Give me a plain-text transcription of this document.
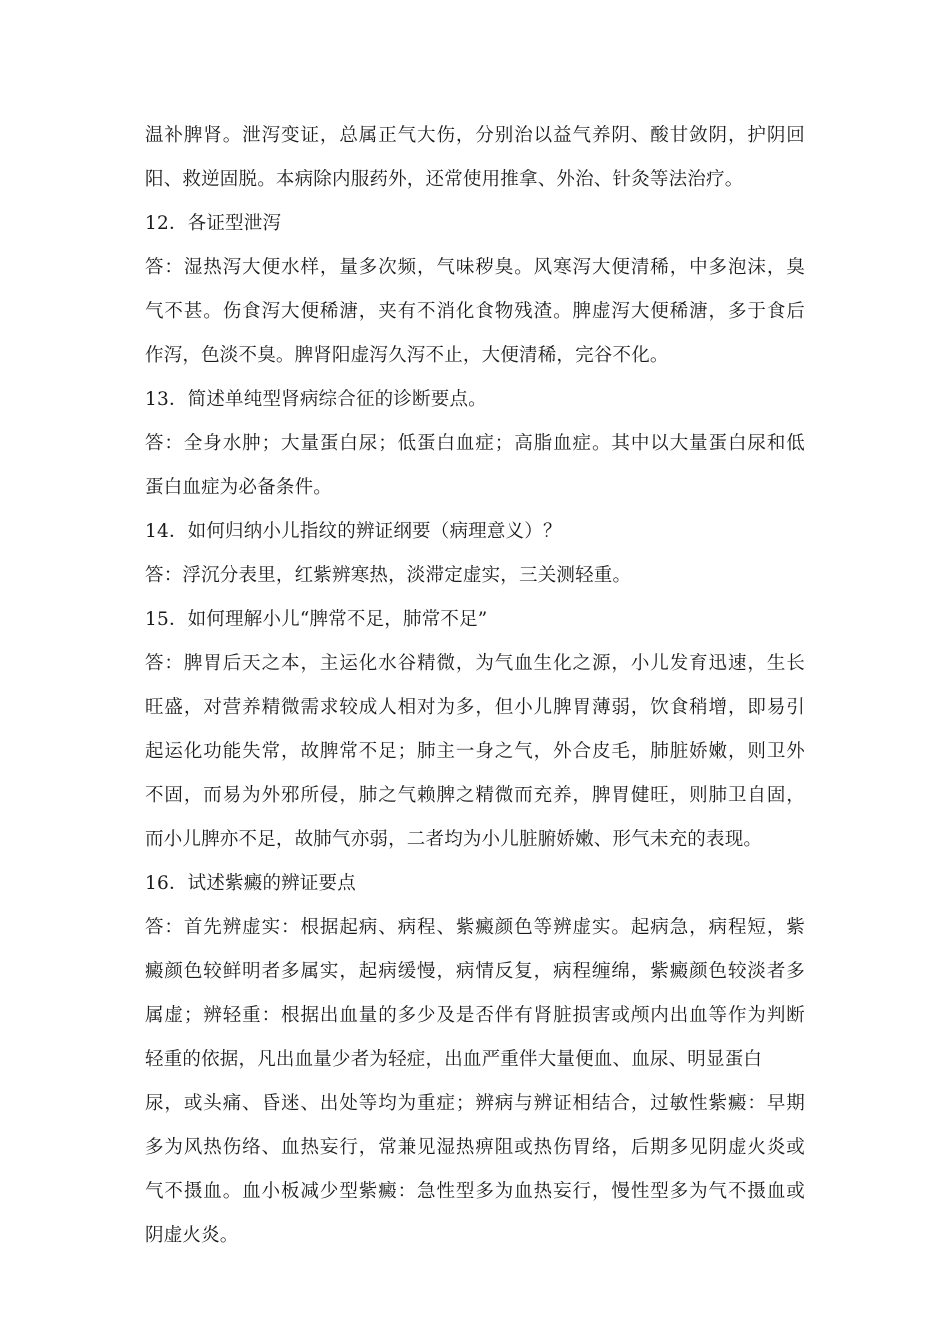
温补脾肾。泄泻变证，总属正气大伤，分别治以益气养阴、酸甘敛阴，护阴回
阳、救逆固脱。本病除内服药外，还常使用推拿、外治、针灸等法治疗。
12．各证型泄泻
答：湿热泻大便水样，量多次频，气味秽臭。风寒泻大便清稀，中多泡沫，臭
气不甚。伤食泻大便稀溏，夹有不消化食物残渣。脾虚泻大便稀溏，多于食后
作泻，色淡不臭。脾肾阳虚泻久泻不止，大便清稀，完谷不化。
13．简述单纯型肾病综合征的诊断要点。
答：全身水肿；大量蛋白尿；低蛋白血症；高脂血症。其中以大量蛋白尿和低
蛋白血症为必备条件。
14．如何归纳小儿指纹的辨证纲要（病理意义）？
答：浮沉分表里，红紫辨寒热，淡滞定虚实，三关测轻重。
15．如何理解小儿“脾常不足，肺常不足”
答：脾胃后天之本，主运化水谷精微，为气血生化之源，小儿发育迅速，生长
旺盛，对营养精微需求较成人相对为多，但小儿脾胃薄弱，饮食稍增，即易引
起运化功能失常，故脾常不足；肺主一身之气，外合皮毛，肺脏娇嫩，则卫外
不固，而易为外邪所侵，肺之气赖脾之精微而充养，脾胃健旺，则肺卫自固，
而小儿脾亦不足，故肺气亦弱，二者均为小儿脏腑娇嫩、形气未充的表现。
16．试述紫癜的辨证要点
答：首先辨虚实：根据起病、病程、紫癜颜色等辨虚实。起病急，病程短，紫
癜颜色较鲜明者多属实，起病缓慢，病情反复，病程缠绵，紫癜颜色较淡者多
属虚；辨轻重：根据出血量的多少及是否伴有肾脏损害或颅内出血等作为判断
轻重的依据，凡出血量少者为轻症，出血严重伴大量便血、血尿、明显蛋白
尿，或头痛、昏迷、出处等均为重症；辨病与辨证相结合，过敏性紫癜：早期
多为风热伤络、血热妄行，常兼见湿热痹阻或热伤胃络，后期多见阴虚火炎或
气不摄血。血小板减少型紫癜：急性型多为血热妄行，慢性型多为气不摄血或
阴虚火炎。
